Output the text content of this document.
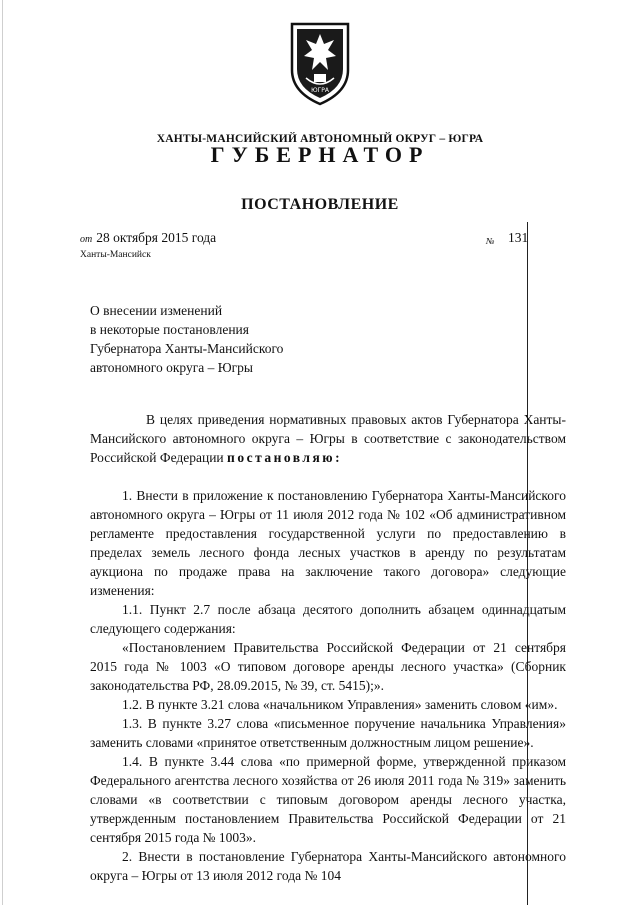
ЮГРА
ХАНТЫ-МАНСИЙСКИЙ АВТОНОМНЫЙ ОКРУГ – ЮГРА
ГУБЕРНАТОР
ПОСТАНОВЛЕНИЕ
от 28 октября 2015 года	№ 131
Ханты-Мансийск
О внесении изменений
в некоторые постановления
Губернатора Ханты-Мансийского
автономного округа – Югры

В целях приведения нормативных правовых актов Губернатора Ханты-Мансийского автономного округа – Югры в соответствие с законодательством Российской Федерации постановляю:

1. Внести в приложение к постановлению Губернатора Ханты-Мансийского автономного округа – Югры от 11 июля 2012 года № 102 «Об административном регламенте предоставления государственной услуги по предоставлению в пределах земель лесного фонда лесных участков в аренду по результатам аукциона по продаже права на заключение такого договора» следующие изменения:

1.1. Пункт 2.7 после абзаца десятого дополнить абзацем одиннадцатым следующего содержания:

«Постановлением Правительства Российской Федерации от 21 сентября 2015 года № 1003 «О типовом договоре аренды лесного участка» (Сборник законодательства РФ, 28.09.2015, № 39, ст. 5415);».

1.2. В пункте 3.21 слова «начальником Управления» заменить словом «им».

1.3. В пункте 3.27 слова «письменное поручение начальника Управления» заменить словами «принятое ответственным должностным лицом решение».

1.4. В пункте 3.44 слова «по примерной форме, утвержденной приказом Федерального агентства лесного хозяйства от 26 июля 2011 года № 319» заменить словами «в соответствии с типовым договором аренды лесного участка, утвержденным постановлением Правительства Российской Федерации от 21 сентября 2015 года № 1003».

2. Внести в постановление Губернатора Ханты-Мансийского автономного округа – Югры от 13 июля 2012 года № 104
